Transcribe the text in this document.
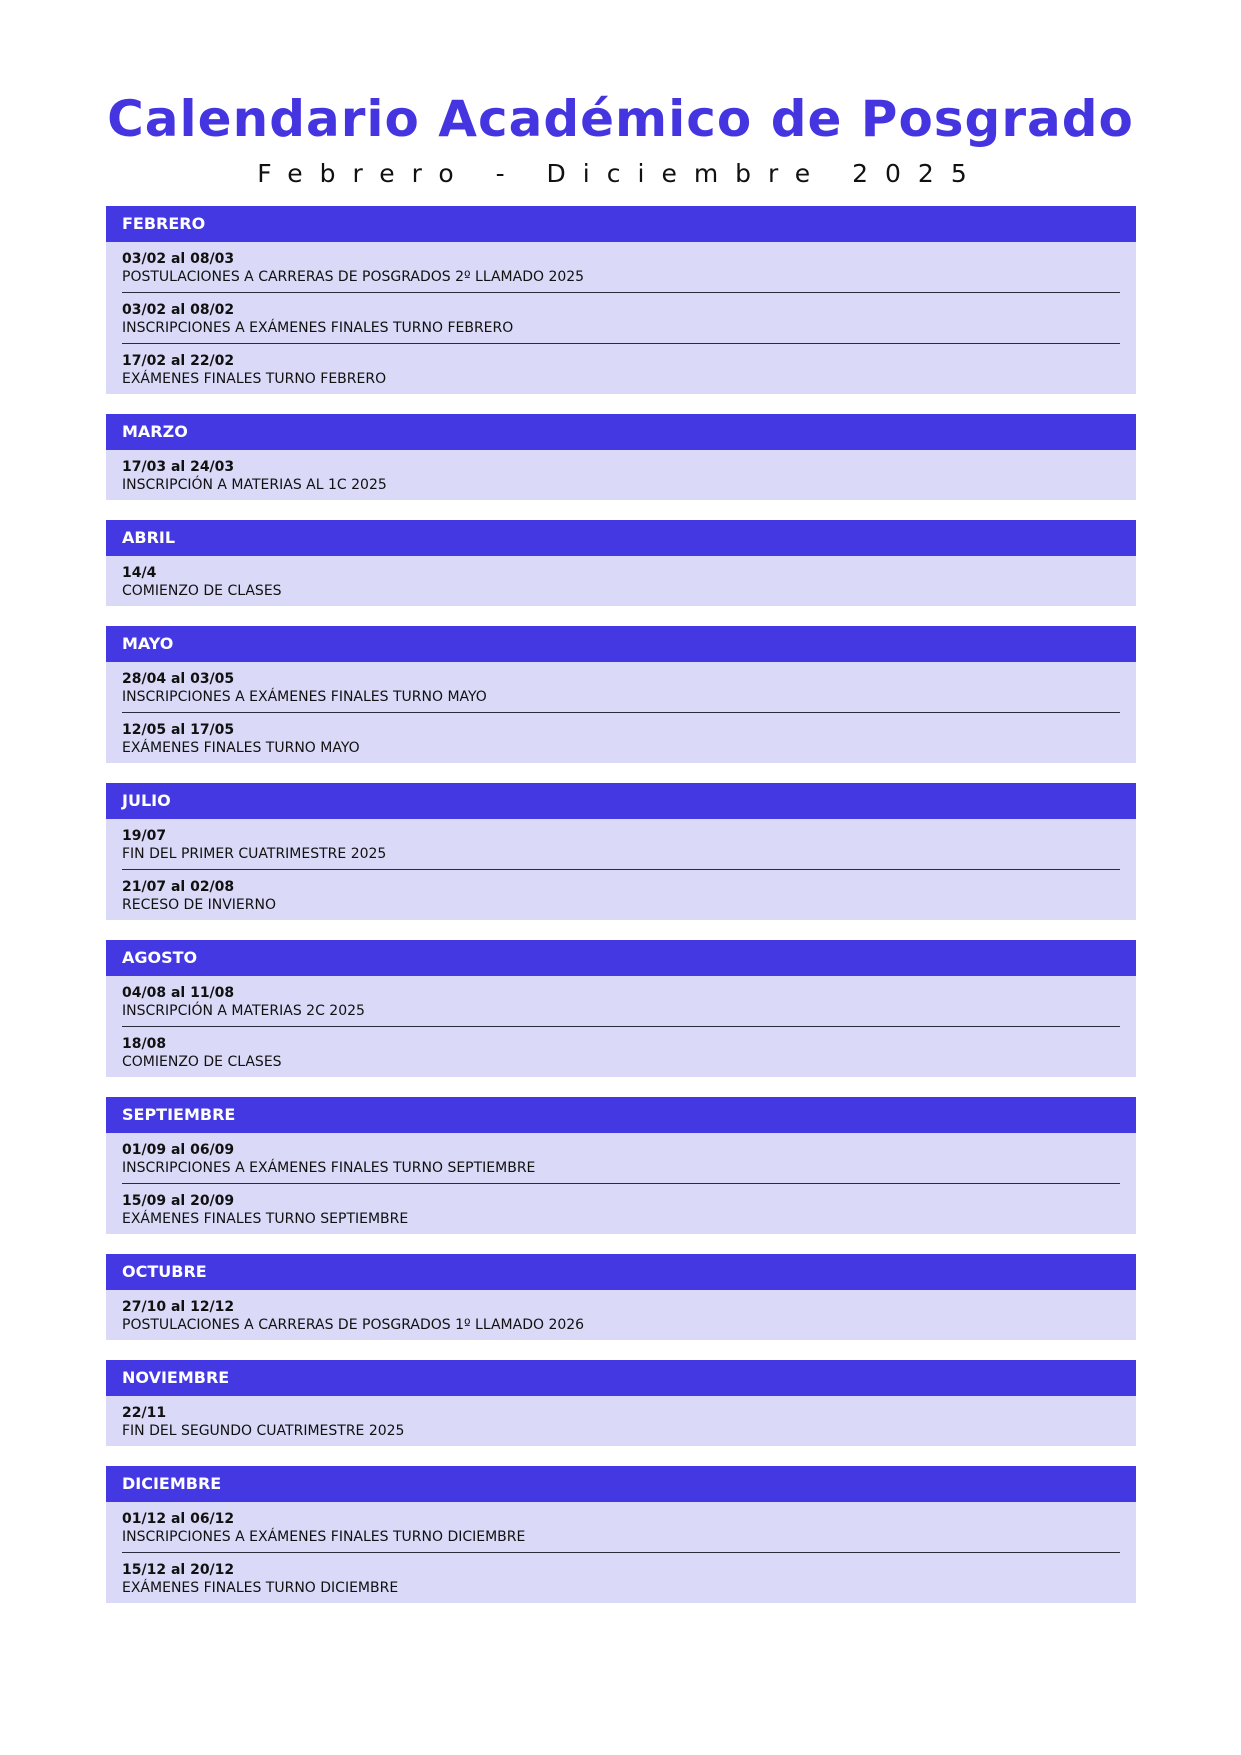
Calendario Académico de Posgrado
Febrero - Diciembre 2025
FEBRERO
03/02 al 08/03
POSTULACIONES A CARRERAS DE POSGRADOS 2º LLAMADO 2025
03/02 al 08/02
INSCRIPCIONES A EXÁMENES FINALES TURNO FEBRERO
17/02 al 22/02
EXÁMENES FINALES TURNO FEBRERO
MARZO
17/03 al 24/03
INSCRIPCIÓN A MATERIAS AL 1C 2025
ABRIL
14/4
COMIENZO DE CLASES
MAYO
28/04 al 03/05
INSCRIPCIONES A EXÁMENES FINALES TURNO MAYO
12/05 al 17/05
EXÁMENES FINALES TURNO MAYO
JULIO
19/07
FIN DEL PRIMER CUATRIMESTRE 2025
21/07 al 02/08
RECESO DE INVIERNO
AGOSTO
04/08 al 11/08
INSCRIPCIÓN A MATERIAS 2C 2025
18/08
COMIENZO DE CLASES
SEPTIEMBRE
01/09 al 06/09
INSCRIPCIONES A EXÁMENES FINALES TURNO SEPTIEMBRE
15/09 al 20/09
EXÁMENES FINALES TURNO SEPTIEMBRE
OCTUBRE
27/10 al 12/12
POSTULACIONES A CARRERAS DE POSGRADOS 1º LLAMADO 2026
NOVIEMBRE
22/11
FIN DEL SEGUNDO CUATRIMESTRE 2025
DICIEMBRE
01/12 al 06/12
INSCRIPCIONES A EXÁMENES FINALES TURNO DICIEMBRE
15/12 al 20/12
EXÁMENES FINALES TURNO DICIEMBRE
